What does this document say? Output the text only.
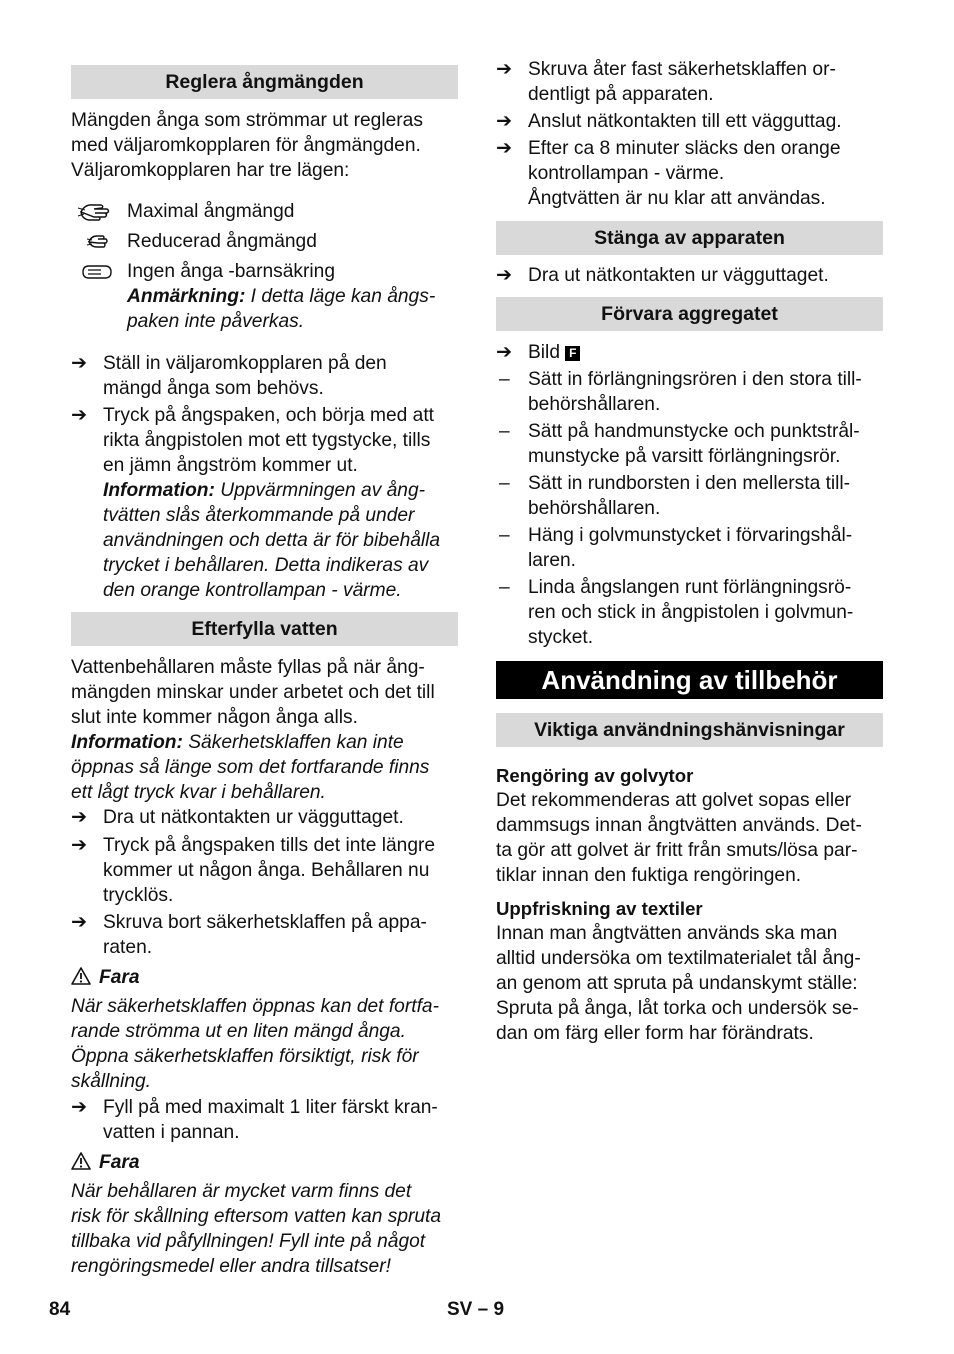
Reglera ångmängden

Mängden ånga som strömmar ut regleras
med väljaromkopplaren för ångmängden.
Väljaromkopplaren har tre lägen:

Maximal ångmängd
Reducerad ångmängd
Ingen ånga -barnsäkring
Anmärkning: I detta läge kan ångs-
paken inte påverkas.
➔ Ställ in väljaromkopplaren på den
mängd ånga som behövs.
➔ Tryck på ångspaken, och börja med att
rikta ångpistolen mot ett tygstycke, tills
en jämn ångström kommer ut.
Information: Uppvärmningen av ång-
tvätten slås återkommande på under
användningen och detta är för bibehålla
trycket i behållaren. Detta indikeras av
den orange kontrollampan - värme.
Efterfylla vatten

Vattenbehållaren måste fyllas på när ång-
mängden minskar under arbetet och det till
slut inte kommer någon ånga alls.
Information: Säkerhetsklaffen kan inte
öppnas så länge som det fortfarande finns
ett lågt tryck kvar i behållaren.

➔ Dra ut nätkontakten ur vägguttaget.
➔ Tryck på ångspaken tills det inte längre
kommer ut någon ånga. Behållaren nu
trycklös.
➔ Skruva bort säkerhetsklaffen på appa-
raten.
Fara

När säkerhetsklaffen öppnas kan det fortfa-
rande strömma ut en liten mängd ånga.
Öppna säkerhetsklaffen försiktigt, risk för
skållning.

➔ Fyll på med maximalt 1 liter färskt kran-
vatten i pannan.
Fara

När behållaren är mycket varm finns det
risk för skållning eftersom vatten kan spruta
tillbaka vid påfyllningen! Fyll inte på något
rengöringsmedel eller andra tillsatser!

➔ Skruva åter fast säkerhetsklaffen or-
dentligt på apparaten.
➔ Anslut nätkontakten till ett vägguttag.
➔ Efter ca 8 minuter släcks den orange
kontrollampan - värme.
Ångtvätten är nu klar att användas.
Stänga av apparaten
➔ Dra ut nätkontakten ur vägguttaget.
Förvara aggregatet
➔ Bild F
– Sätt in förlängningsrören i den stora till-
behörshållaren.
– Sätt på handmunstycke och punktstrål-
munstycke på varsitt förlängningsrör.
– Sätt in rundborsten i den mellersta till-
behörshållaren.
– Häng i golvmunstycket i förvaringshål-
laren.
– Linda ångslangen runt förlängningsrö-
ren och stick in ångpistolen i golvmun-
stycket.
Användning av tillbehör
Viktiga användningshänvisningar
Rengöring av golvytor

Det rekommenderas att golvet sopas eller
dammsugs innan ångtvätten används. Det-
ta gör att golvet är fritt från smuts/lösa par-
tiklar innan den fuktiga rengöringen.

Uppfriskning av textiler

Innan man ångtvätten används ska man
alltid undersöka om textilmaterialet tål ång-
an genom att spruta på undanskymt ställe:
Spruta på ånga, låt torka och undersök se-
dan om färg eller form har förändrats.

84	SV – 9
